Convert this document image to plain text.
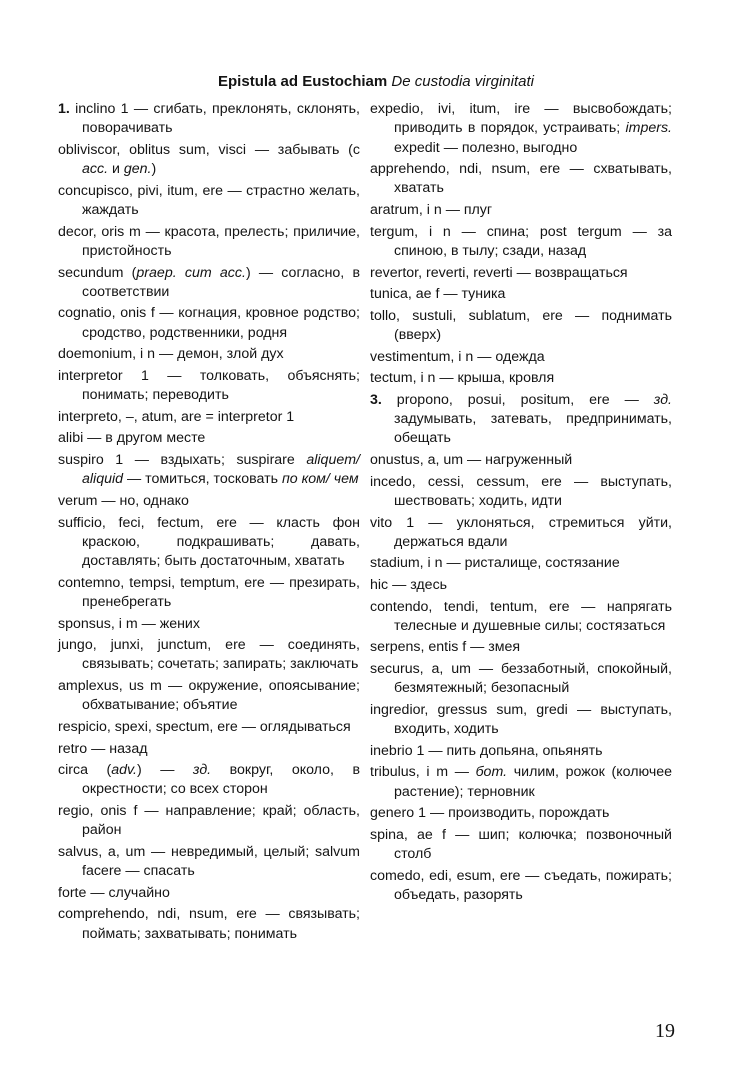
Epistula ad Eustochiam De custodia virginitati
1. inclino 1 — сгибать, преклонять, склонять, поворачивать
obliviscor, oblitus sum, visci — забывать (с acc. и gen.)
concupisco, pivi, itum, ere — страстно желать, жаждать
decor, oris m — красота, прелесть; приличие, пристойность
secundum (praep. cum acc.) — согласно, в соответствии
cognatio, onis f — когнация, кровное родство; сродство, родственники, родня
doemonium, i n — демон, злой дух
interpretor 1 — толковать, объяснять; понимать; переводить
interpreto, –, atum, are = interpretor 1
alibi — в другом месте
suspiro 1 — вздыхать; suspirare aliquem/ aliquid — томиться, тосковать по ком/ чем
verum — но, однако
sufficio, feci, fectum, ere — класть фон краскою, подкрашивать; давать, доставлять; быть достаточным, хватать
contemno, tempsi, temptum, ere — презирать, пренебрегать
sponsus, i m — жених
jungo, junxi, junctum, ere — соединять, связывать; сочетать; запирать; заключать
amplexus, us m — окружение, опоясывание; обхватывание; объятие
respicio, spexi, spectum, ere — оглядываться
retro — назад
circa (adv.) — зд. вокруг, около, в окрестности; со всех сторон
regio, onis f — направление; край; область, район
salvus, a, um — невредимый, целый; salvum facere — спасать
forte — случайно
comprehendo, ndi, nsum, ere — связывать; поймать; захватывать; понимать
expedio, ivi, itum, ire — высвобождать; приводить в порядок, устраивать; impers. expedit — полезно, выгодно
apprehendo, ndi, nsum, ere — схватывать, хватать
aratrum, i n — плуг
tergum, i n — спина; post tergum — за спиною, в тылу; сзади, назад
revertor, reverti, reverti — возвращаться
tunica, ae f — туника
tollo, sustuli, sublatum, ere — поднимать (вверх)
vestimentum, i n — одежда
tectum, i n — крыша, кровля
3. propono, posui, positum, ere — зд. задумывать, затевать, предпринимать, обещать
onustus, a, um — нагруженный
incedo, cessi, cessum, ere — выступать, шествовать; ходить, идти
vito 1 — уклоняться, стремиться уйти, держаться вдали
stadium, i n — ристалище, состязание
hic — здесь
contendo, tendi, tentum, ere — напрягать телесные и душевные силы; состязаться
serpens, entis f — змея
securus, a, um — беззаботный, спокойный, безмятежный; безопасный
ingredior, gressus sum, gredi — выступать, входить, ходить
inebrio 1 — пить допьяна, опьянять
tribulus, i m — бот. чилим, рожок (колючее растение); терновник
genero 1 — производить, порождать
spina, ae f — шип; колючка; позвоночный столб
comedo, edi, esum, ere — съедать, пожирать; объедать, разорять
19
